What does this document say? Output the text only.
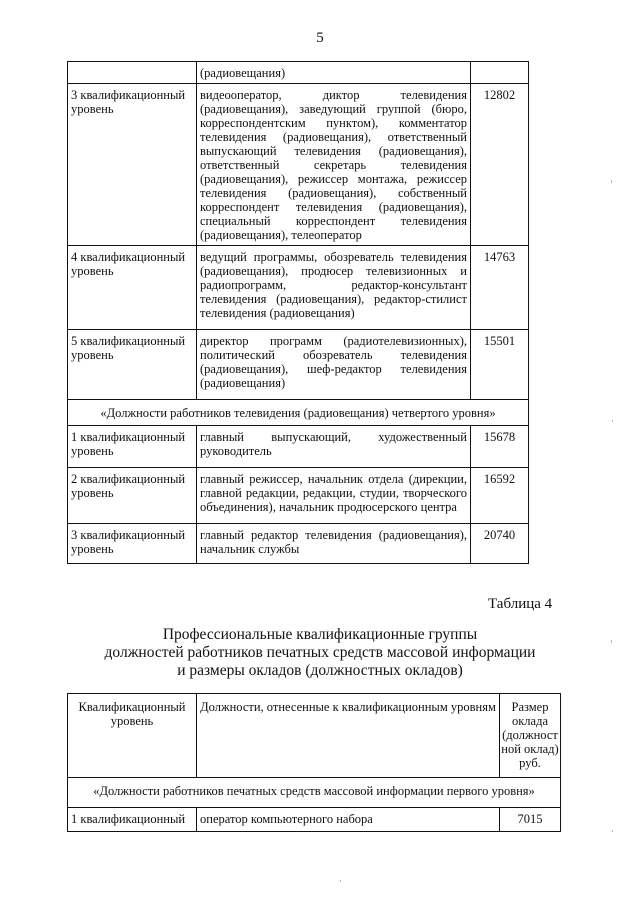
5
	(радиовещания)	
3 квалификационный уровень	видеооператор, диктор телевидения (радиовещания), заведующий группой (бюро, корреспондентским пунктом), комментатор телевидения (радиовещания), ответственный выпускающий телевидения (радиовещания), ответственный секретарь телевидения (радиовещания), режиссер монтажа, режиссер телевидения (радиовещания), собственный корреспондент телевидения (радиовещания), специальный корреспондент телевидения (радиовещания), телеоператор	12802
4 квалификационный уровень	ведущий программы, обозреватель телевидения (радиовещания), продюсер телевизионных и радиопрограмм, редактор-консультант телевидения (радиовещания), редактор-стилист телевидения (радиовещания)	14763
5 квалификационный уровень	директор программ (радиотелевизионных), политический обозреватель телевидения (радиовещания), шеф-редактор телевидения (радиовещания)	15501
«Должности работников телевидения (радиовещания) четвертого уровня»		
1 квалификационный уровень	главный выпускающий, художественный руководитель	15678
2 квалификационный уровень	главный режиссер, начальник отдела (дирекции, главной редакции, редакции, студии, творческого объединения), начальник продюсерского центра	16592
3 квалификационный уровень	главный редактор телевидения (радиовещания), начальник службы	20740
Таблица 4
Профессиональные квалификационные группы
должностей работников печатных средств массовой информации
и размеры окладов (должностных окладов)
Квалификационный уровень	Должности, отнесенные к квалификационным уровням	Размер оклада (должност ной оклад) руб.
«Должности работников печатных средств массовой информации первого уровня»		
1 квалификационный	оператор компьютерного набора	7015
